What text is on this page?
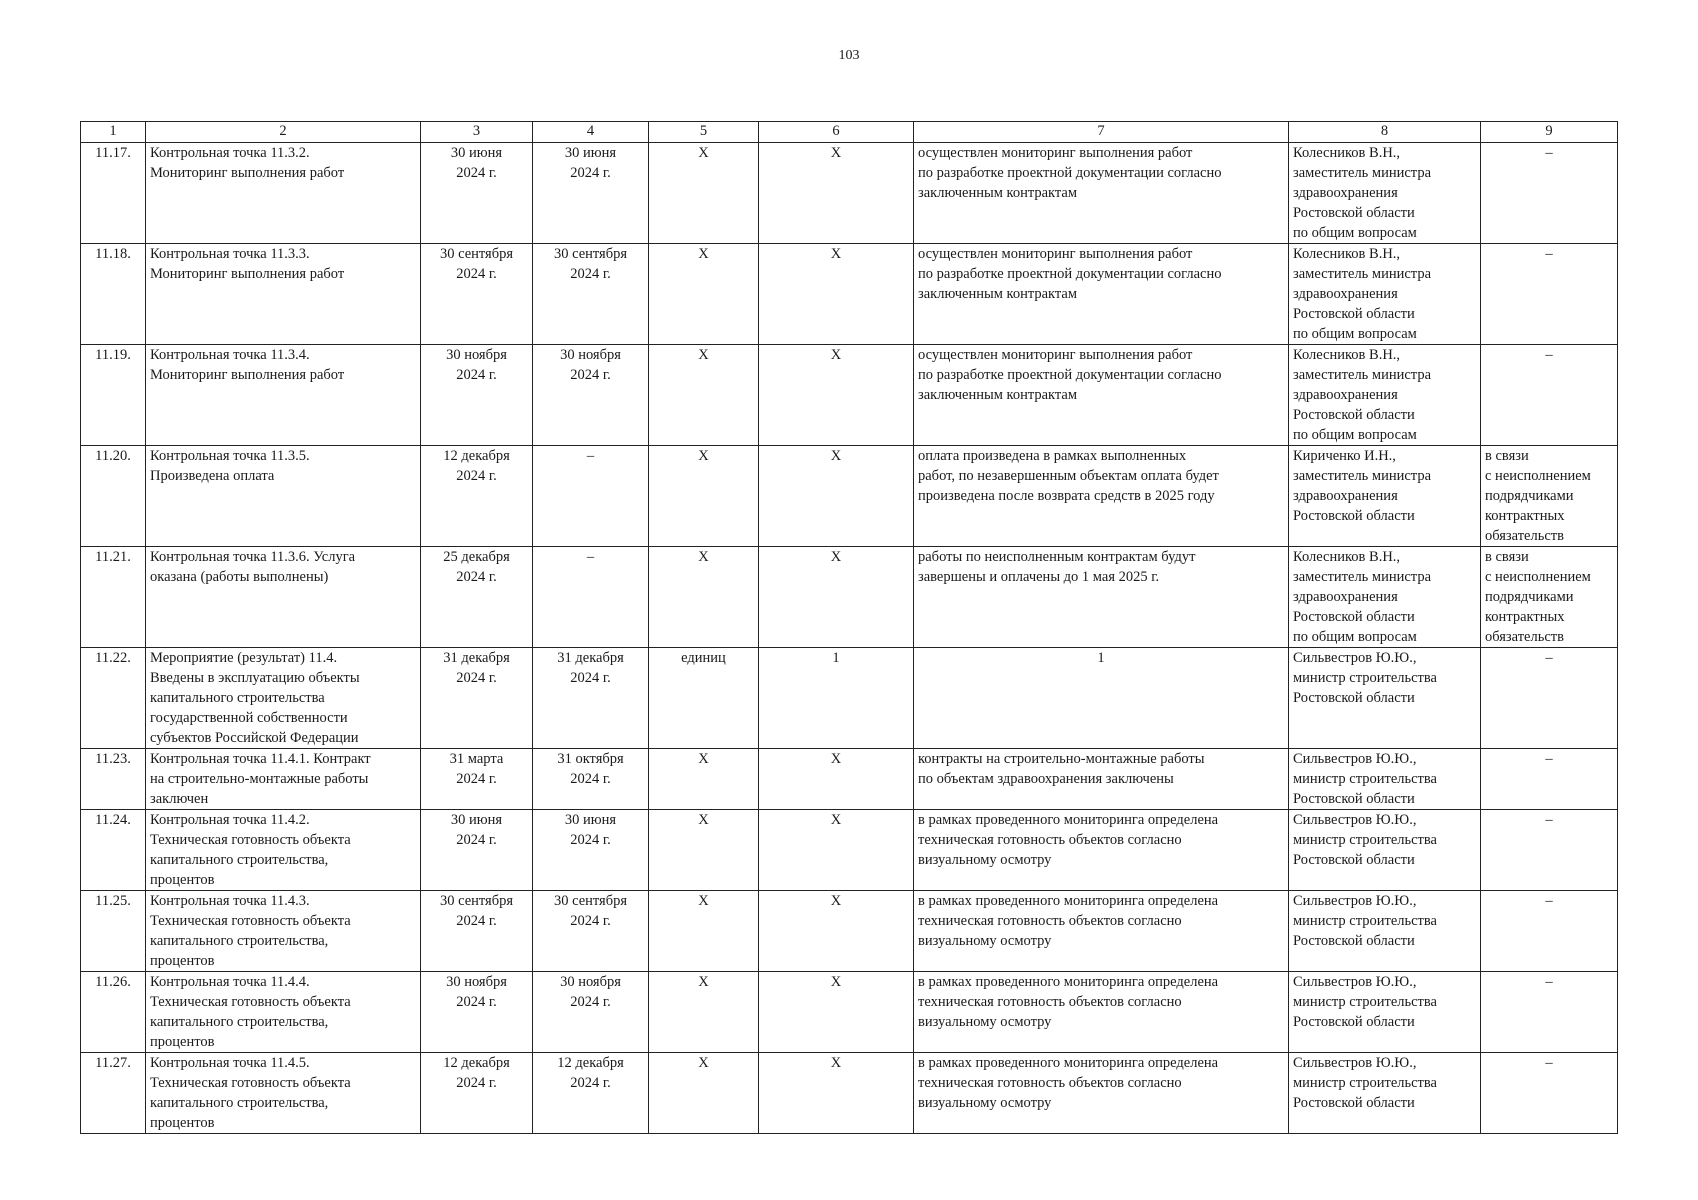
103
1	2	3	4	5	6	7	8	9
11.17.	Контрольная точка 11.3.2.
Мониторинг выполнения работ	30 июня
2024 г.	30 июня
2024 г.	Х	Х	осуществлен мониторинг выполнения работ
по разработке проектной документации согласно
заключенным контрактам	Колесников В.Н.,
заместитель министра
здравоохранения
Ростовской области
по общим вопросам	–
11.18.	Контрольная точка 11.3.3.
Мониторинг выполнения работ	30 сентября
2024 г.	30 сентября
2024 г.	Х	Х	осуществлен мониторинг выполнения работ
по разработке проектной документации согласно
заключенным контрактам	Колесников В.Н.,
заместитель министра
здравоохранения
Ростовской области
по общим вопросам	–
11.19.	Контрольная точка 11.3.4.
Мониторинг выполнения работ	30 ноября
2024 г.	30 ноября
2024 г.	Х	Х	осуществлен мониторинг выполнения работ
по разработке проектной документации согласно
заключенным контрактам	Колесников В.Н.,
заместитель министра
здравоохранения
Ростовской области
по общим вопросам	–
11.20.	Контрольная точка 11.3.5.
Произведена оплата	12 декабря
2024 г.	–	Х	Х	оплата произведена в рамках выполненных
работ, по незавершенным объектам оплата будет
произведена после возврата средств в 2025 году	Кириченко И.Н.,
заместитель министра
здравоохранения
Ростовской области	в связи
с неисполнением
подрядчиками
контрактных
обязательств
11.21.	Контрольная точка 11.3.6. Услуга
оказана (работы выполнены)	25 декабря
2024 г.	–	Х	Х	работы по неисполненным контрактам будут
завершены и оплачены до 1 мая 2025 г.	Колесников В.Н.,
заместитель министра
здравоохранения
Ростовской области
по общим вопросам	в связи
с неисполнением
подрядчиками
контрактных
обязательств
11.22.	Мероприятие (результат) 11.4.
Введены в эксплуатацию объекты
капитального строительства
государственной собственности
субъектов Российской Федерации	31 декабря
2024 г.	31 декабря
2024 г.	единиц	1	1	Сильвестров Ю.Ю.,
министр строительства
Ростовской области	–
11.23.	Контрольная точка 11.4.1. Контракт
на строительно-монтажные работы
заключен	31 марта
2024 г.	31 октября
2024 г.	Х	Х	контракты на строительно-монтажные работы
по объектам здравоохранения заключены	Сильвестров Ю.Ю.,
министр строительства
Ростовской области	–
11.24.	Контрольная точка 11.4.2.
Техническая готовность объекта
капитального строительства,
процентов	30 июня
2024 г.	30 июня
2024 г.	Х	Х	в рамках проведенного мониторинга определена
техническая готовность объектов согласно
визуальному осмотру	Сильвестров Ю.Ю.,
министр строительства
Ростовской области	–
11.25.	Контрольная точка 11.4.3.
Техническая готовность объекта
капитального строительства,
процентов	30 сентября
2024 г.	30 сентября
2024 г.	Х	Х	в рамках проведенного мониторинга определена
техническая готовность объектов согласно
визуальному осмотру	Сильвестров Ю.Ю.,
министр строительства
Ростовской области	–
11.26.	Контрольная точка 11.4.4.
Техническая готовность объекта
капитального строительства,
процентов	30 ноября
2024 г.	30 ноября
2024 г.	Х	Х	в рамках проведенного мониторинга определена
техническая готовность объектов согласно
визуальному осмотру	Сильвестров Ю.Ю.,
министр строительства
Ростовской области	–
11.27.	Контрольная точка 11.4.5.
Техническая готовность объекта
капитального строительства,
процентов	12 декабря
2024 г.	12 декабря
2024 г.	Х	Х	в рамках проведенного мониторинга определена
техническая готовность объектов согласно
визуальному осмотру	Сильвестров Ю.Ю.,
министр строительства
Ростовской области	–
